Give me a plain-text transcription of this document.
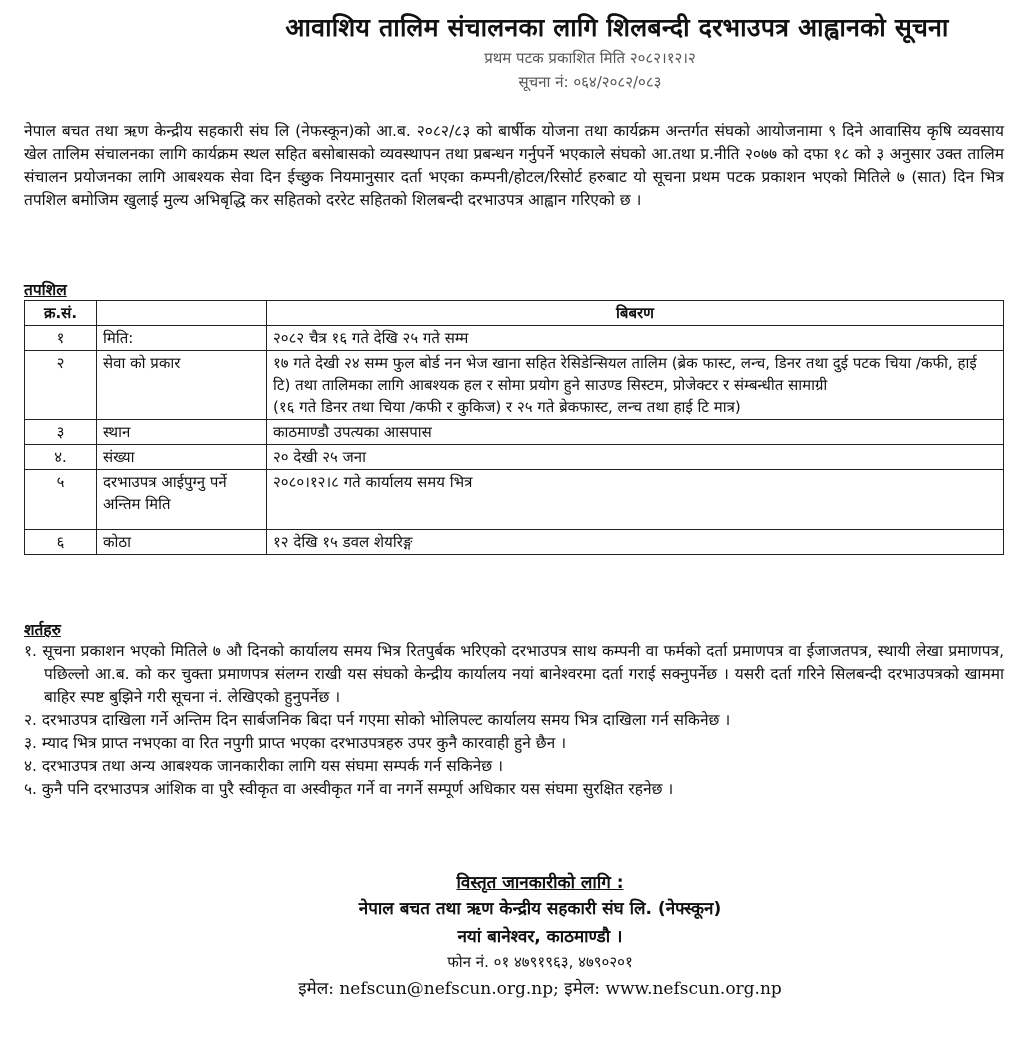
आवाशिय तालिम संचालनका लागि शिलबन्दी दरभाउपत्र आह्वानको सूचना
प्रथम पटक प्रकाशित मिति २०८२।१२।२
सूचना नं: ०६४/२०८२/०८३
नेपाल बचत तथा ऋण केन्द्रीय सहकारी संघ लि (नेफस्कून)को आ.ब. २०८२/८३ को बार्षीक योजना तथा कार्यक्रम अन्तर्गत संघको आयोजनामा ९ दिने आवासिय कृषि व्यवसाय खेल तालिम संचालनका लागि कार्यक्रम स्थल सहित बसोबासको व्यवस्थापन तथा प्रबन्धन गर्नुपर्ने भएकाले संघको आ.तथा प्र.नीति २०७७ को दफा १८ को ३ अनुसार उक्त तालिम संचालन प्रयोजनका लागि आबश्यक सेवा दिन ईच्छुक नियमानुसार दर्ता भएका कम्पनी/होटल/रिसोर्ट हरुबाट यो सूचना प्रथम पटक प्रकाशन भएको मितिले ७ (सात) दिन भित्र तपशिल बमोजिम खुलाई मुल्य अभिबृद्धि कर सहितको दररेट सहितको शिलबन्दी दरभाउपत्र आह्वान गरिएको छ ।
तपशिल
क्र.सं.		बिबरण
१	मिति:	२०८२ चैत्र १६ गते देखि २५ गते सम्म
२	सेवा को प्रकार	१७ गते देखी २४ सम्म फुल बोर्ड नन भेज खाना सहित रेसिडेन्सियल तालिम (ब्रेक फास्ट, लन्च, डिनर तथा दुई पटक चिया /कफी, हाई टि) तथा तालिमका लागि आबश्यक हल र सोमा प्रयोग हुने साउण्ड सिस्टम, प्रोजेक्टर र संम्बन्धीत सामाग्री
(१६ गते डिनर तथा चिया /कफी र कुकिज) र २५ गते ब्रेकफास्ट, लन्च तथा हाई टि मात्र)

३	स्थान	काठमाण्डौ उपत्यका आसपास
४.	संख्या	२० देखी २५ जना
५	दरभाउपत्र आईपुग्नु पर्ने अन्तिम मिति	२०८०।१२।८ गते कार्यालय समय भित्र
६	कोठा	१२ देखि १५ डवल शेयरिङ्ग
शर्तहरु
१. सूचना प्रकाशन भएको मितिले ७ औ दिनको कार्यालय समय भित्र रितपुर्बक भरिएको दरभाउपत्र साथ कम्पनी वा फर्मको दर्ता प्रमाणपत्र वा ईजाजतपत्र, स्थायी लेखा प्रमाणपत्र, पछिल्लो आ.ब. को कर चुक्ता प्रमाणपत्र संलग्न राखी यस संघको केन्द्रीय कार्यालय नयां बानेश्वरमा दर्ता गराई सक्नुपर्नेछ । यसरी दर्ता गरिने सिलबन्दी दरभाउपत्रको खाममा बाहिर स्पष्ट बुझिने गरी सूचना नं. लेखिएको हुनुपर्नेछ ।
२. दरभाउपत्र दाखिला गर्ने अन्तिम दिन सार्बजनिक बिदा पर्न गएमा सोको भोलिपल्ट कार्यालय समय भित्र दाखिला गर्न सकिनेछ ।
३. म्याद भित्र प्राप्त नभएका वा रित नपुगी प्राप्त भएका दरभाउपत्रहरु उपर कुनै कारवाही हुने छैन ।
४. दरभाउपत्र तथा अन्य आबश्यक जानकारीका लागि यस संघमा सम्पर्क गर्न सकिनेछ ।
५. कुनै पनि दरभाउपत्र आंशिक वा पुरै स्वीकृत वा अस्वीकृत गर्ने वा नगर्ने सम्पूर्ण अधिकार यस संघमा सुरक्षित रहनेछ ।
विस्तृत जानकारीको लागि :
नेपाल बचत तथा ऋण केन्द्रीय सहकारी संघ लि. (नेफ्स्कून)
नयां बानेश्वर, काठमाण्डौ ।
फोन नं. ०१ ४७९१९६३, ४७९०२०१
इमेल: nefscun@nefscun.org.np; इमेल: www.nefscun.org.np
